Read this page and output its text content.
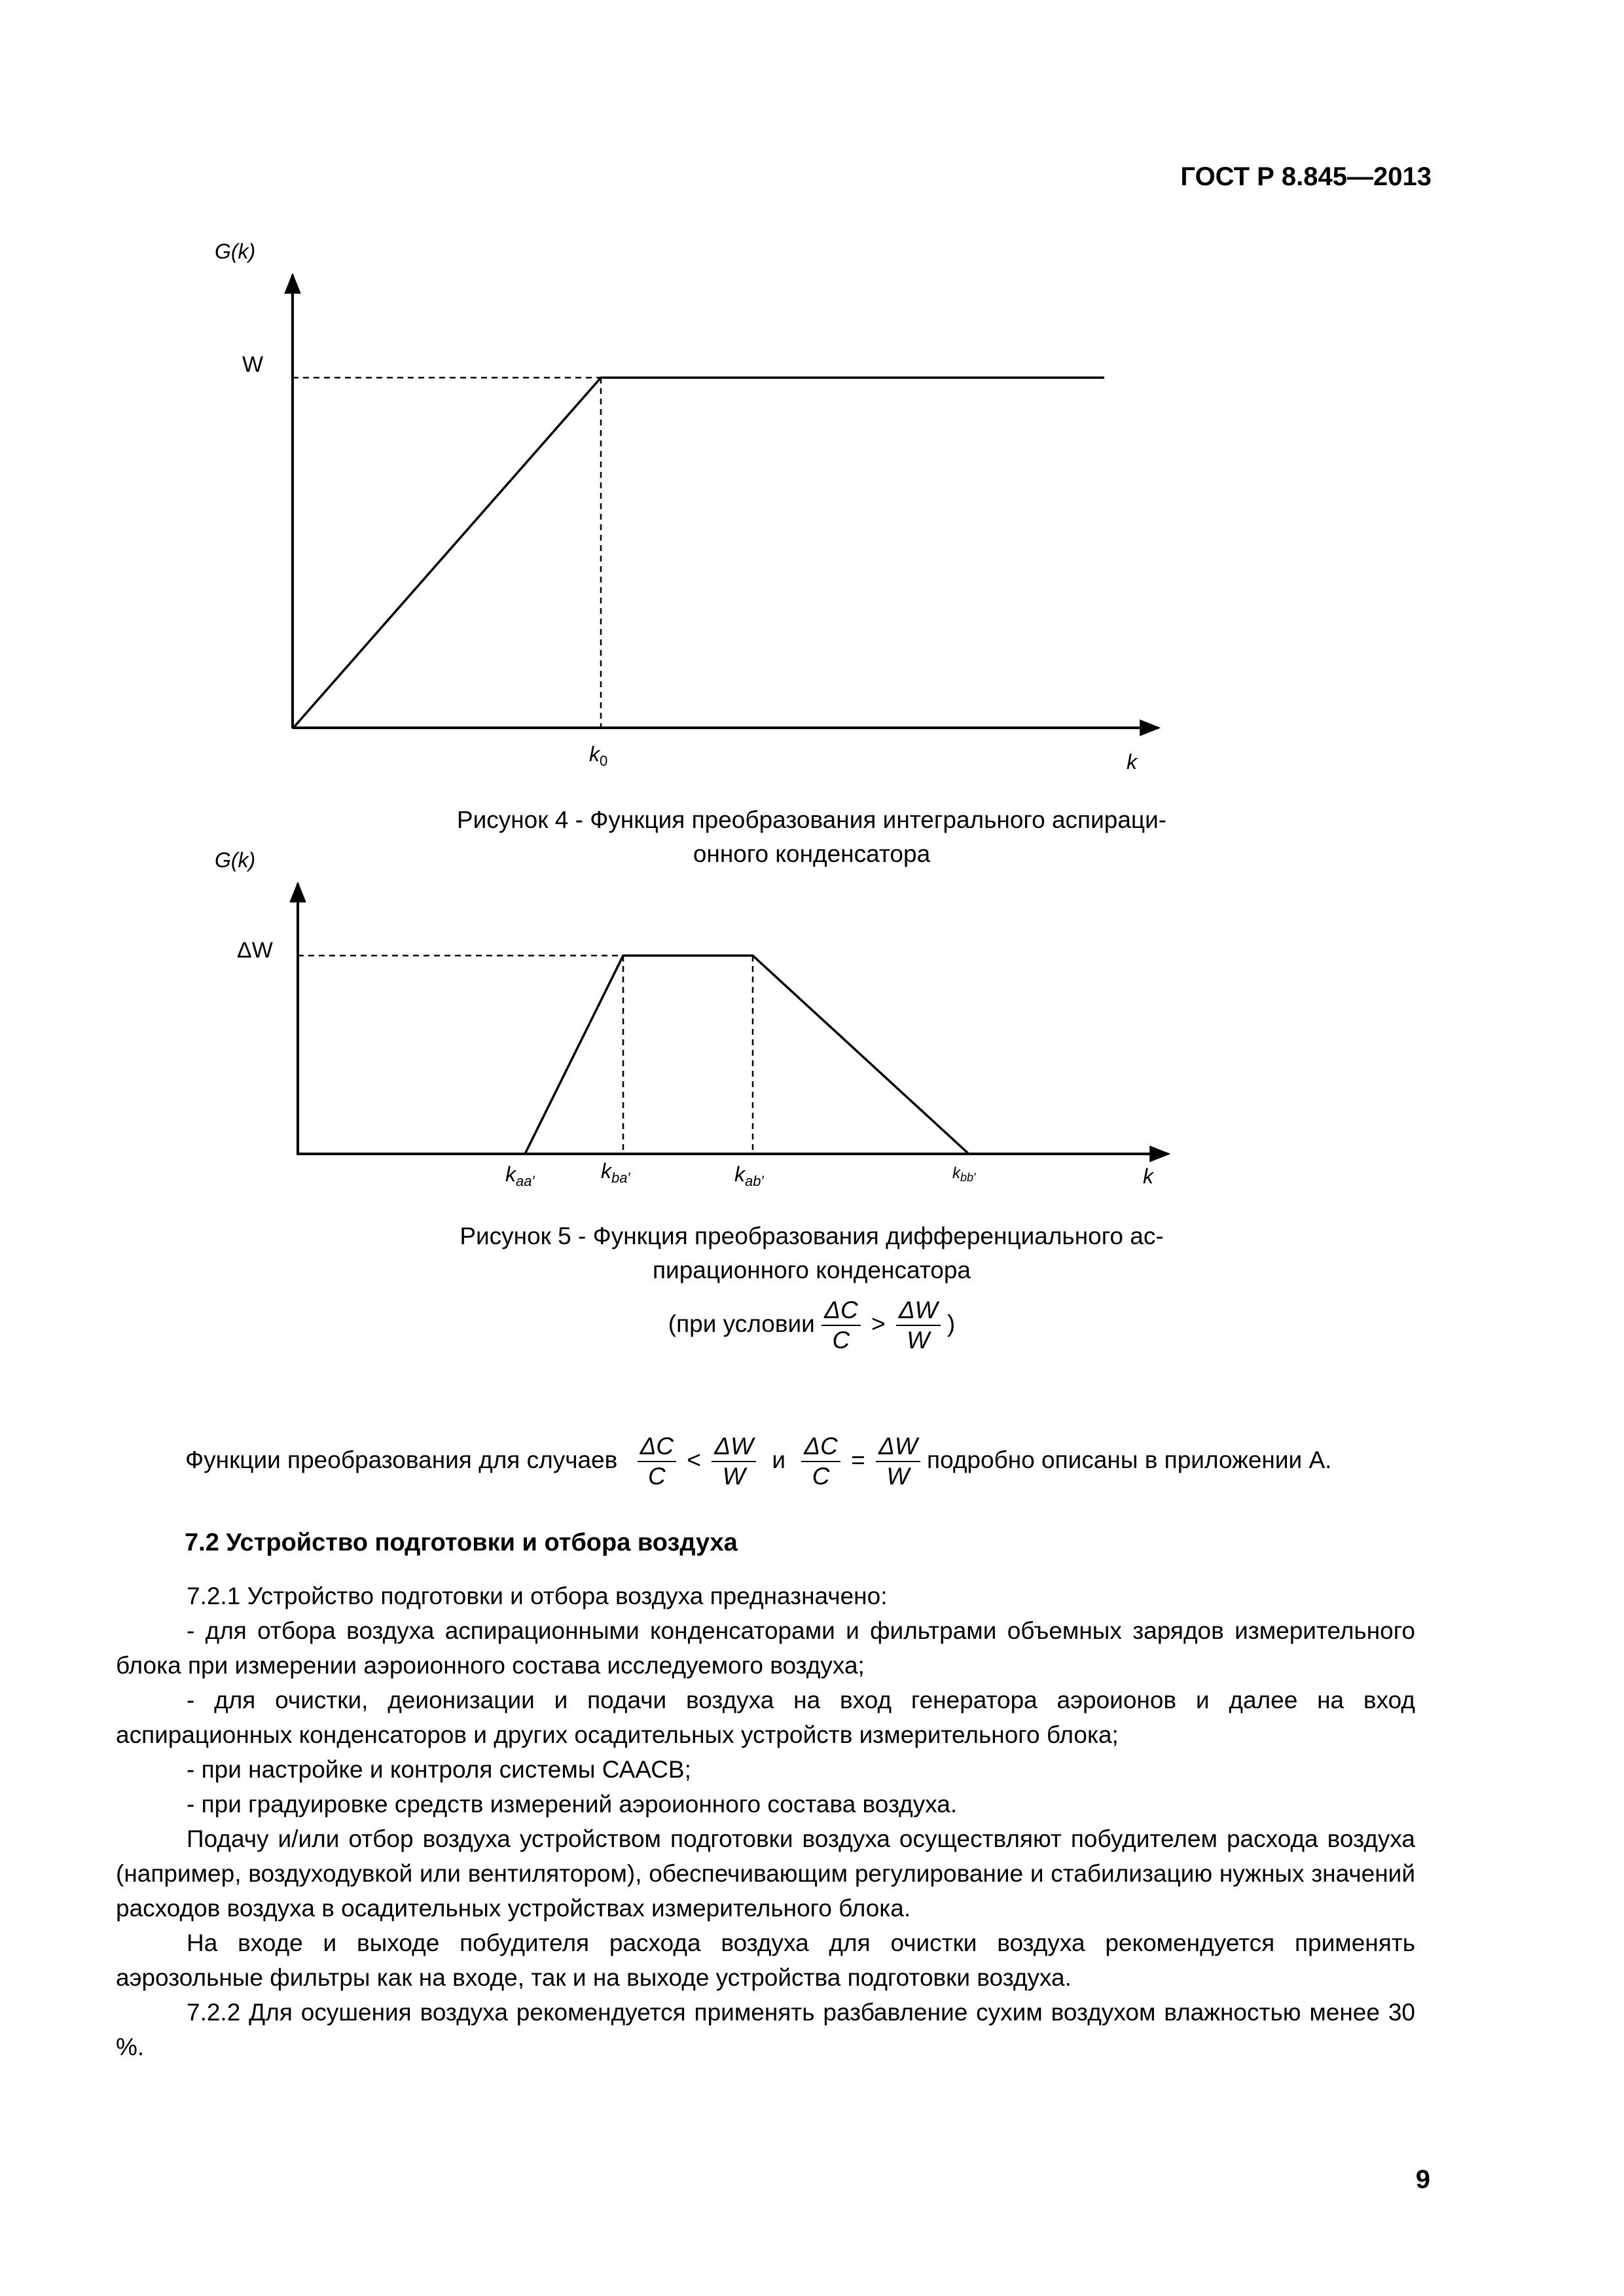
ГОСТ Р 8.845—2013
G(k)
W
$k_0$	k
Рисунок 4 - Функция преобразования интегрального аспираци-
онного конденсатора
G(k)
ΔW
$k_{aa'}$	$k_{ba'}$	$k_{ab'}$	$k_{bb'}$	k
Рисунок 5 - Функция преобразования дифференциального ас-
пирационного конденсатора
(при условии $\frac{\Delta C}{C} > \frac{\Delta W}{W}$ )
Функции преобразования для случаев $\frac{\Delta C}{C} < \frac{\Delta W}{W}$ и $\frac{\Delta C}{C} = \frac{\Delta W}{W}$ подробно описаны в приложении А.
7.2 Устройство подготовки и отбора воздуха

7.2.1 Устройство подготовки и отбора воздуха предназначено:

- для отбора воздуха аспирационными конденсаторами и фильтрами объемных зарядов измерительного блока при измерении аэроионного состава исследуемого воздуха;

- для очистки, деионизации и подачи воздуха на вход генератора аэроионов и далее на вход аспирационных конденсаторов и других осадительных устройств измерительного блока;

- при настройке и контроля системы СААСВ;

- при градуировке средств измерений аэроионного состава воздуха.

Подачу и/или отбор воздуха устройством подготовки воздуха осуществляют побудителем расхода воздуха (например, воздуходувкой или вентилятором), обеспечивающим регулирование и стабилизацию нужных значений расходов воздуха в осадительных устройствах измерительного блока.

На входе и выходе побудителя расхода воздуха для очистки воздуха рекомендуется применять аэрозольные фильтры как на входе, так и на выходе устройства подготовки воздуха.

7.2.2 Для осушения воздуха рекомендуется применять разбавление сухим воздухом влажностью менее 30 %.

9
